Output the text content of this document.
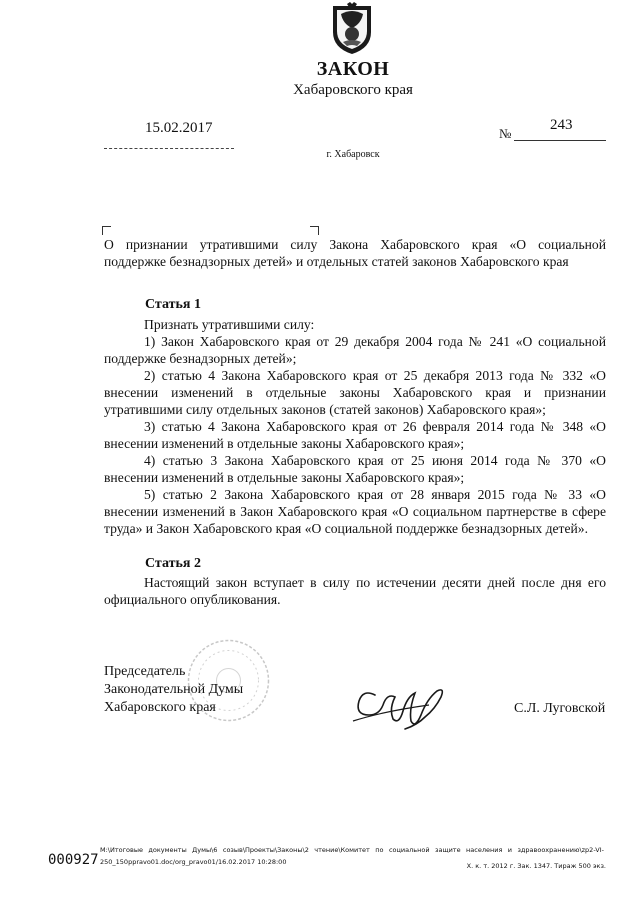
ЗАКОН
Хабаровского края
15.02.2017	№
243
г. Хабаровск
О признании утратившими силу Закона Хабаровского края «О социальной
поддержке безнадзорных детей» и отдельных статей законов Хабаровского края
Статья 1

Признать утратившими силу:

1) Закон Хабаровского края от 29 декабря 2004 года № 241 «О социальной поддержке безнадзорных детей»;

2) статью 4 Закона Хабаровского края от 25 декабря 2013 года № 332 «О внесении изменений в отдельные законы Хабаровского края и признании утратившими силу отдельных законов (статей законов) Хабаровского края»;

3) статью 4 Закона Хабаровского края от 26 февраля 2014 года № 348 «О внесении изменений в отдельные законы Хабаровского края»;

4) статью 3 Закона Хабаровского края от 25 июня 2014 года № 370 «О внесении изменений в отдельные законы Хабаровского края»;

5) статью 2 Закона Хабаровского края от 28 января 2015 года № 33 «О внесении изменений в Закон Хабаровского края «О социальном партнерстве в сфере труда» и Закон Хабаровского края «О социальной поддержке безнадзорных детей».

Статья 2

Настоящий закон вступает в силу по истечении десяти дней после дня его официального опубликования.

Председатель
Законодательной Думы
Хабаровского края	С.Л. Луговской
000927
M:\Итоговые документы Думы\6 созыв\Проекты\Законы\2 чтение\Комитет по социальной защите населения и здравоохранению\zp2-VI-
250_150ppravo01.doc/org_pravo01/16.02.2017 10:28:00	Х. к. т. 2012 г. Зак. 1347. Тираж 500 экз.
